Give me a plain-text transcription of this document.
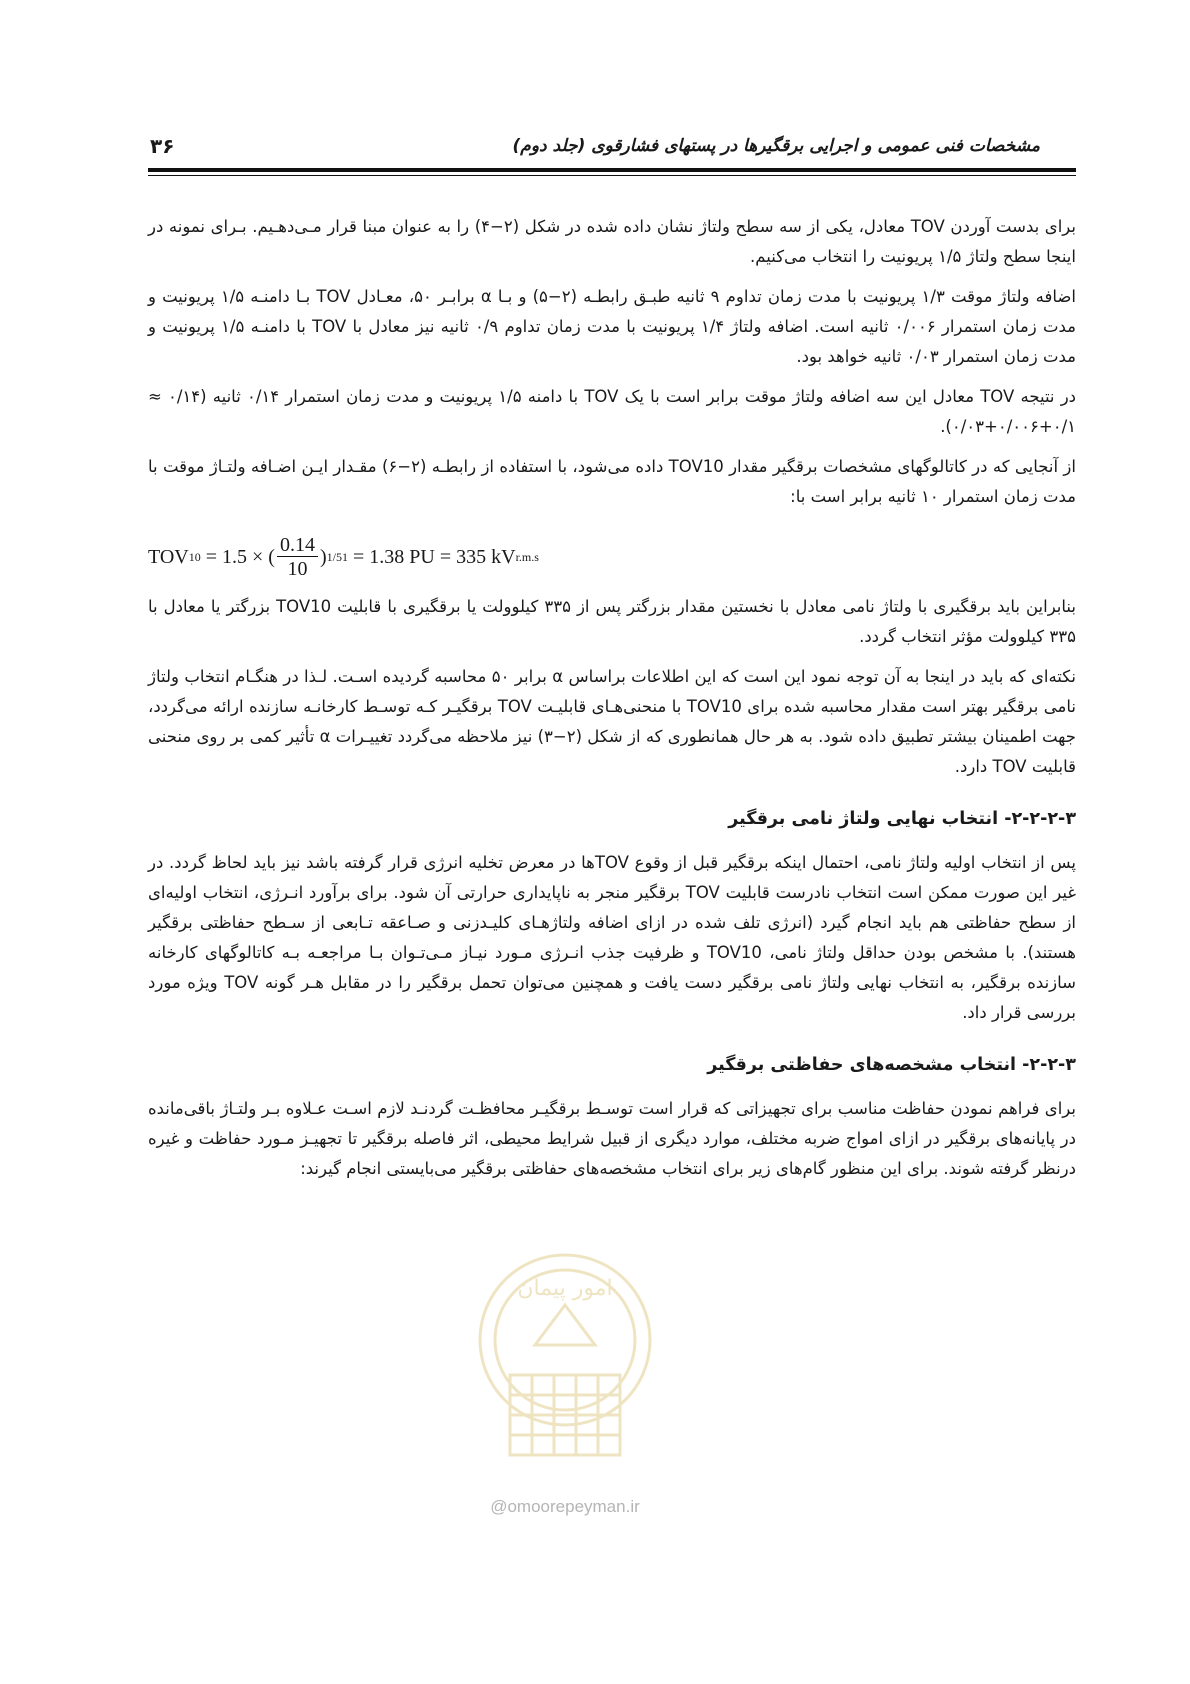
مشخصات فنی عمومی و اجرایی برقگیرها در پستهای فشارقوی (جلد دوم)
۳۶

برای بدست آوردن TOV معادل، یکی از سه سطح ولتاژ نشان داده شده در شکل (۲−۴) را به عنوان مبنا قرار مـی‌دهـیم. بـرای نمونه در اینجا سطح ولتاژ ۱/۵ پریونیت را انتخاب می‌کنیم.

اضافه ولتاژ موقت ۱/۳ پریونیت با مدت زمان تداوم ۹ ثانیه طبـق رابطـه (۲−۵) و بـا α برابـر ۵۰، معـادل TOV بـا دامنـه ۱/۵ پریونیت و مدت زمان استمرار ۰/۰۰۶ ثانیه است. اضافه ولتاژ ۱/۴ پریونیت با مدت زمان تداوم ۰/۹ ثانیه نیز معادل با TOV با دامنـه ۱/۵ پریونیت و مدت زمان استمرار ۰/۰۳ ثانیه خواهد بود.

در نتیجه TOV معادل این سه اضافه ولتاژ موقت برابر است با یک TOV با دامنه ۱/۵ پریونیت و مدت زمان استمرار ۰/۱۴ ثانیه (۰/۱۴ ≈ ۰/۱+۰/۰۰۶+۰/۰۳).

از آنجایی که در کاتالوگهای مشخصات برقگیر مقدار TOV10 داده می‌شود، با استفاده از رابطـه (۲−۶) مقـدار ایـن اضـافه ولتـاژ موقت با مدت زمان استمرار ۱۰ ثانیه برابر است با:

TOV 10 = 1.5 × ( $\frac{0.14}{10}$ ) 1/51 = 1.38 PU = 335 kV r.m.s

بنابراین باید برقگیری با ولتاژ نامی معادل با نخستین مقدار بزرگتر پس از ۳۳۵ کیلوولت یا برقگیری با قابلیت TOV10 بزرگتر یا معادل با ۳۳۵ کیلوولت مؤثر انتخاب گردد.

نکته‌ای که باید در اینجا به آن توجه نمود این است که این اطلاعات براساس α برابر ۵۰ محاسبه گردیده اسـت. لـذا در هنگـام انتخاب ولتاژ نامی برقگیر بهتر است مقدار محاسبه شده برای TOV10 با منحنی‌هـای قابلیـت TOV برقگیـر کـه توسـط کارخانـه سازنده ارائه می‌گردد، جهت اطمینان بیشتر تطبیق داده شود. به هر حال همانطوری که از شکل (۲−۳) نیز ملاحظه می‌گردد تغییـرات α تأثیر کمی بر روی منحنی قابلیت TOV دارد.

۲-۲-۲-۳- انتخاب نهایی ولتاژ نامی برقگیر

پس از انتخاب اولیه ولتاژ نامی، احتمال اینکه برقگیر قبل از وقوع TOVها در معرض تخلیه انرژی قرار گرفته باشد نیز باید لحاظ گردد. در غیر این صورت ممکن است انتخاب نادرست قابلیت TOV برقگیر منجر به ناپایداری حرارتی آن شود. برای برآورد انـرژی، انتخاب اولیه‌ای از سطح حفاظتی هم باید انجام گیرد (انرژی تلف شده در ازای اضافه ولتاژهـای کلیـدزنی و صـاعقه تـابعی از سـطح حفاظتی برقگیر هستند). با مشخص بودن حداقل ولتاژ نامی، TOV10 و ظرفیت جذب انـرژی مـورد نیـاز مـی‌تـوان بـا مراجعـه بـه کاتالوگهای کارخانه سازنده برقگیر، به انتخاب نهایی ولتاژ نامی برقگیر دست یافت و همچنین می‌توان تحمل برقگیر را در مقابل هـر گونه TOV ویژه مورد بررسی قرار داد.

۲-۲-۳- انتخاب مشخصه‌های حفاظتی برقگیر

برای فراهم نمودن حفاظت مناسب برای تجهیزاتی که قرار است توسـط برقگیـر محافظـت گردنـد لازم اسـت عـلاوه بـر ولتـاژ باقی‌مانده در پایانه‌های برقگیر در ازای امواج ضربه مختلف، موارد دیگری از قبیل شرایط محیطی، اثر فاصله برقگیر تا تجهیـز مـورد حفاظت و غیره درنظر گرفته شوند. برای این منظور گام‌های زیر برای انتخاب مشخصه‌های حفاظتی برقگیر می‌بایستی انجام گیرند:

امور پیمان
@omoorepeyman.ir
